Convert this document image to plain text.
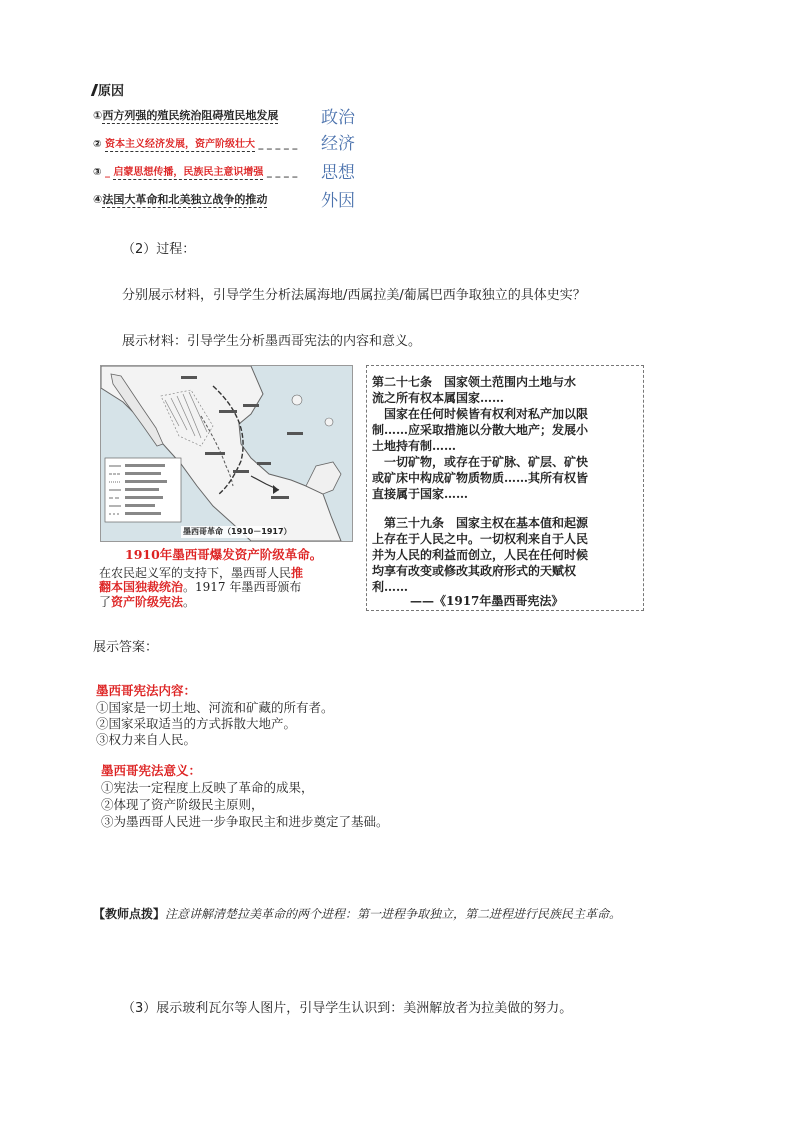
原因
①西方列强的殖民统治阻碍殖民地发展	政治
② 资本主义经济发展，资产阶级壮大 _ _ _ _ _ 经济
③ _ 启蒙思想传播，民族民主意识增强 _ _ _ _ 思想
④法国大革命和北美独立战争的推动	外因
（2）过程：
分别展示材料，引导学生分析法属海地/西属拉美/葡属巴西争取独立的具体史实？
展示材料：引导学生分析墨西哥宪法的内容和意义。
墨西哥革命（1910－1917）
1910年墨西哥爆发资产阶级革命。
在农民起义军的支持下，墨西哥人民推
翻本国独裁统治。1917 年墨西哥颁布
了资产阶级宪法。
第二十七条　国家领土范围内土地与水
流之所有权本属国家……
　国家在任何时候皆有权利对私产加以限
制……应采取措施以分散大地产；发展小
土地持有制……
　一切矿物，或存在于矿脉、矿层、矿快
或矿床中构成矿物质物质……其所有权皆
直接属于国家……
　第三十九条　国家主权在基本值和起源
上存在于人民之中。一切权利来自于人民
并为人民的利益而创立，人民在任何时候
均享有改变或修改其政府形式的天赋权
利……
——《1917年墨西哥宪法》
展示答案：
墨西哥宪法内容：
①国家是一切土地、河流和矿藏的所有者。
②国家采取适当的方式拆散大地产。
③权力来自人民。
墨西哥宪法意义：
①宪法一定程度上反映了革命的成果，
②体现了资产阶级民主原则，
③为墨西哥人民进一步争取民主和进步奠定了基础。
【教师点拨】注意讲解清楚拉美革命的两个进程：第一进程争取独立，第二进程进行民族民主革命。
（3）展示玻利瓦尔等人图片，引导学生认识到：美洲解放者为拉美做的努力。
